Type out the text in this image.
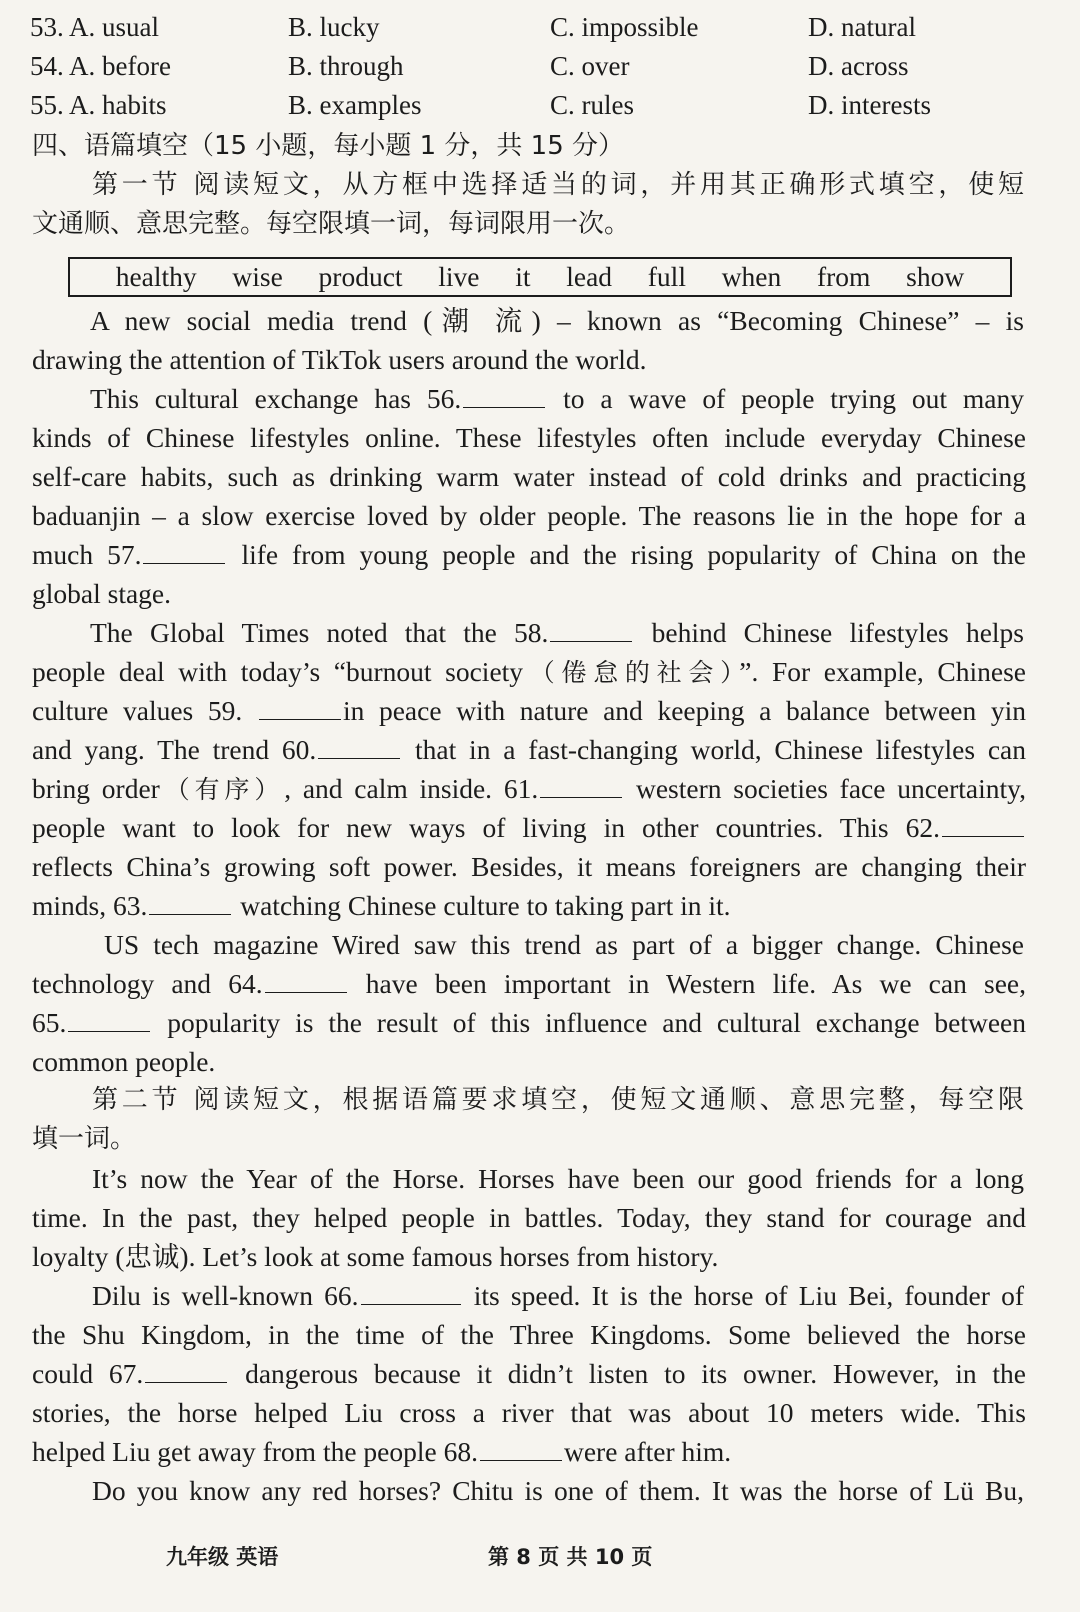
53. A. usual	B. lucky	C. impossible	D. natural
54. A. before	B. through	C. over	D. across
55. A. habits	B. examples	C. rules	D. interests
四、语篇填空（15 小题，每小题 1 分，共 15 分）
第一节 阅读短文，从方框中选择适当的词，并用其正确形式填空，使短
文通顺、意思完整。每空限填一词，每词限用一次。
healthy wise product live it lead full when from show
A new social media trend (潮 流) – known as “Becoming Chinese” – is
drawing the attention of TikTok users around the world.
This cultural exchange has 56.	to a wave of people trying out many
kinds of Chinese lifestyles online. These lifestyles often include everyday Chinese
self-care habits, such as drinking warm water instead of cold drinks and practicing
baduanjin – a slow exercise loved by older people. The reasons lie in the hope for a
much 57.	life from young people and the rising popularity of China on the
global stage.
The Global Times noted that the 58.	behind Chinese lifestyles helps
people deal with today’s “burnout society（倦怠的社会）”. For example, Chinese
culture values 59.	in peace with nature and keeping a balance between yin
and yang. The trend 60.	that in a fast-changing world, Chinese lifestyles can
bring order（有序）, and calm inside. 61.	western societies face uncertainty,
people want to look for new ways of living in other countries. This 62.
reflects China’s growing soft power. Besides, it means foreigners are changing their
minds, 63.	watching Chinese culture to taking part in it.
US tech magazine Wired saw this trend as part of a bigger change. Chinese
technology and 64.	have been important in Western life. As we can see,
65.	popularity is the result of this influence and cultural exchange between
common people.
第二节 阅读短文，根据语篇要求填空，使短文通顺、意思完整，每空限
填一词。
It’s now the Year of the Horse. Horses have been our good friends for a long
time. In the past, they helped people in battles. Today, they stand for courage and
loyalty (忠诚). Let’s look at some famous horses from history.
Dilu is well-known 66.	its speed. It is the horse of Liu Bei, founder of
the Shu Kingdom, in the time of the Three Kingdoms. Some believed the horse
could 67.	dangerous because it didn’t listen to its owner. However, in the
stories, the horse helped Liu cross a river that was about 10 meters wide. This
helped Liu get away from the people 68.	were after him.
Do you know any red horses? Chitu is one of them. It was the horse of Lü Bu,
九年级 英语	第 8 页 共 10 页
